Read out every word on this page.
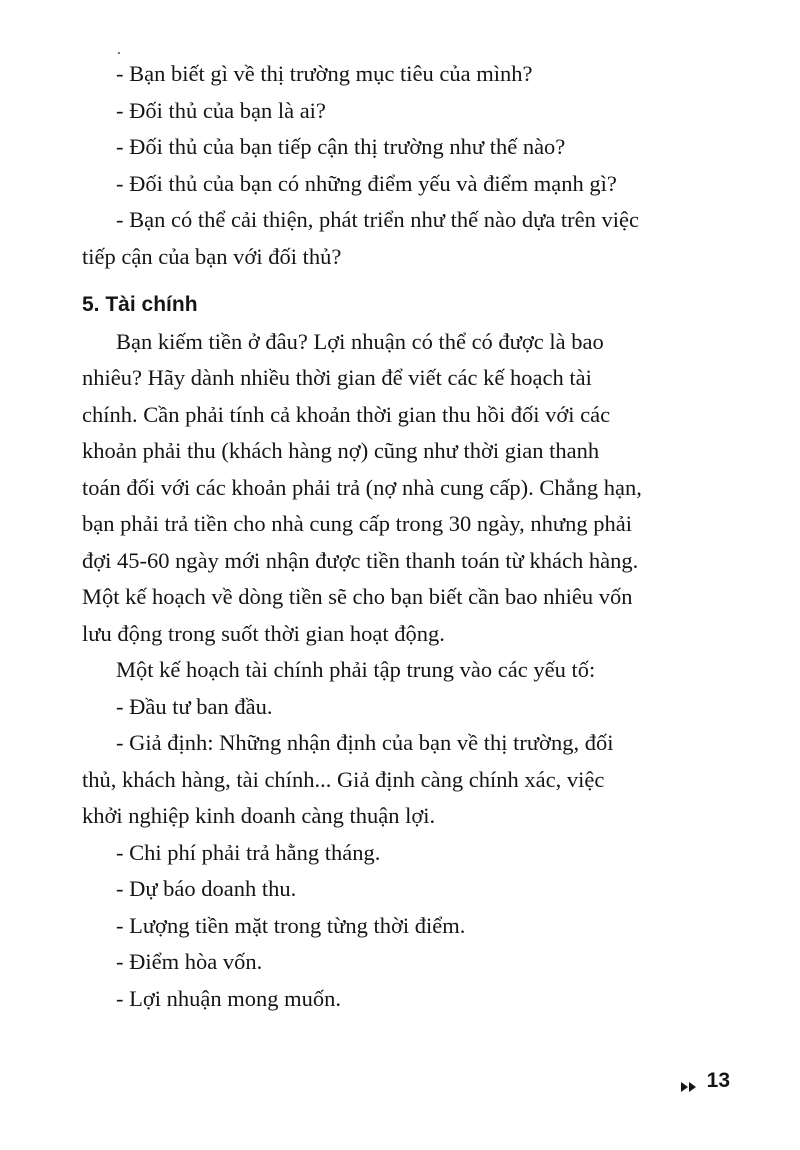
- Bạn biết gì về thị trường mục tiêu của mình?
- Đối thủ của bạn là ai?
- Đối thủ của bạn tiếp cận thị trường như thế nào?
- Đối thủ của bạn có những điểm yếu và điểm mạnh gì?
- Bạn có thể cải thiện, phát triển như thế nào dựa trên việc
tiếp cận của bạn với đối thủ?
5. Tài chính
Bạn kiếm tiền ở đâu? Lợi nhuận có thể có được là bao
nhiêu? Hãy dành nhiều thời gian để viết các kế hoạch tài
chính. Cần phải tính cả khoản thời gian thu hồi đối với các
khoản phải thu (khách hàng nợ) cũng như thời gian thanh
toán đối với các khoản phải trả (nợ nhà cung cấp). Chẳng hạn,
bạn phải trả tiền cho nhà cung cấp trong 30 ngày, nhưng phải
đợi 45-60 ngày mới nhận được tiền thanh toán từ khách hàng.
Một kế hoạch về dòng tiền sẽ cho bạn biết cần bao nhiêu vốn
lưu động trong suốt thời gian hoạt động.
Một kế hoạch tài chính phải tập trung vào các yếu tố:
- Đầu tư ban đầu.
- Giả định: Những nhận định của bạn về thị trường, đối
thủ, khách hàng, tài chính... Giả định càng chính xác, việc
khởi nghiệp kinh doanh càng thuận lợi.
- Chi phí phải trả hằng tháng.
- Dự báo doanh thu.
- Lượng tiền mặt trong từng thời điểm.
- Điểm hòa vốn.
- Lợi nhuận mong muốn.
13
